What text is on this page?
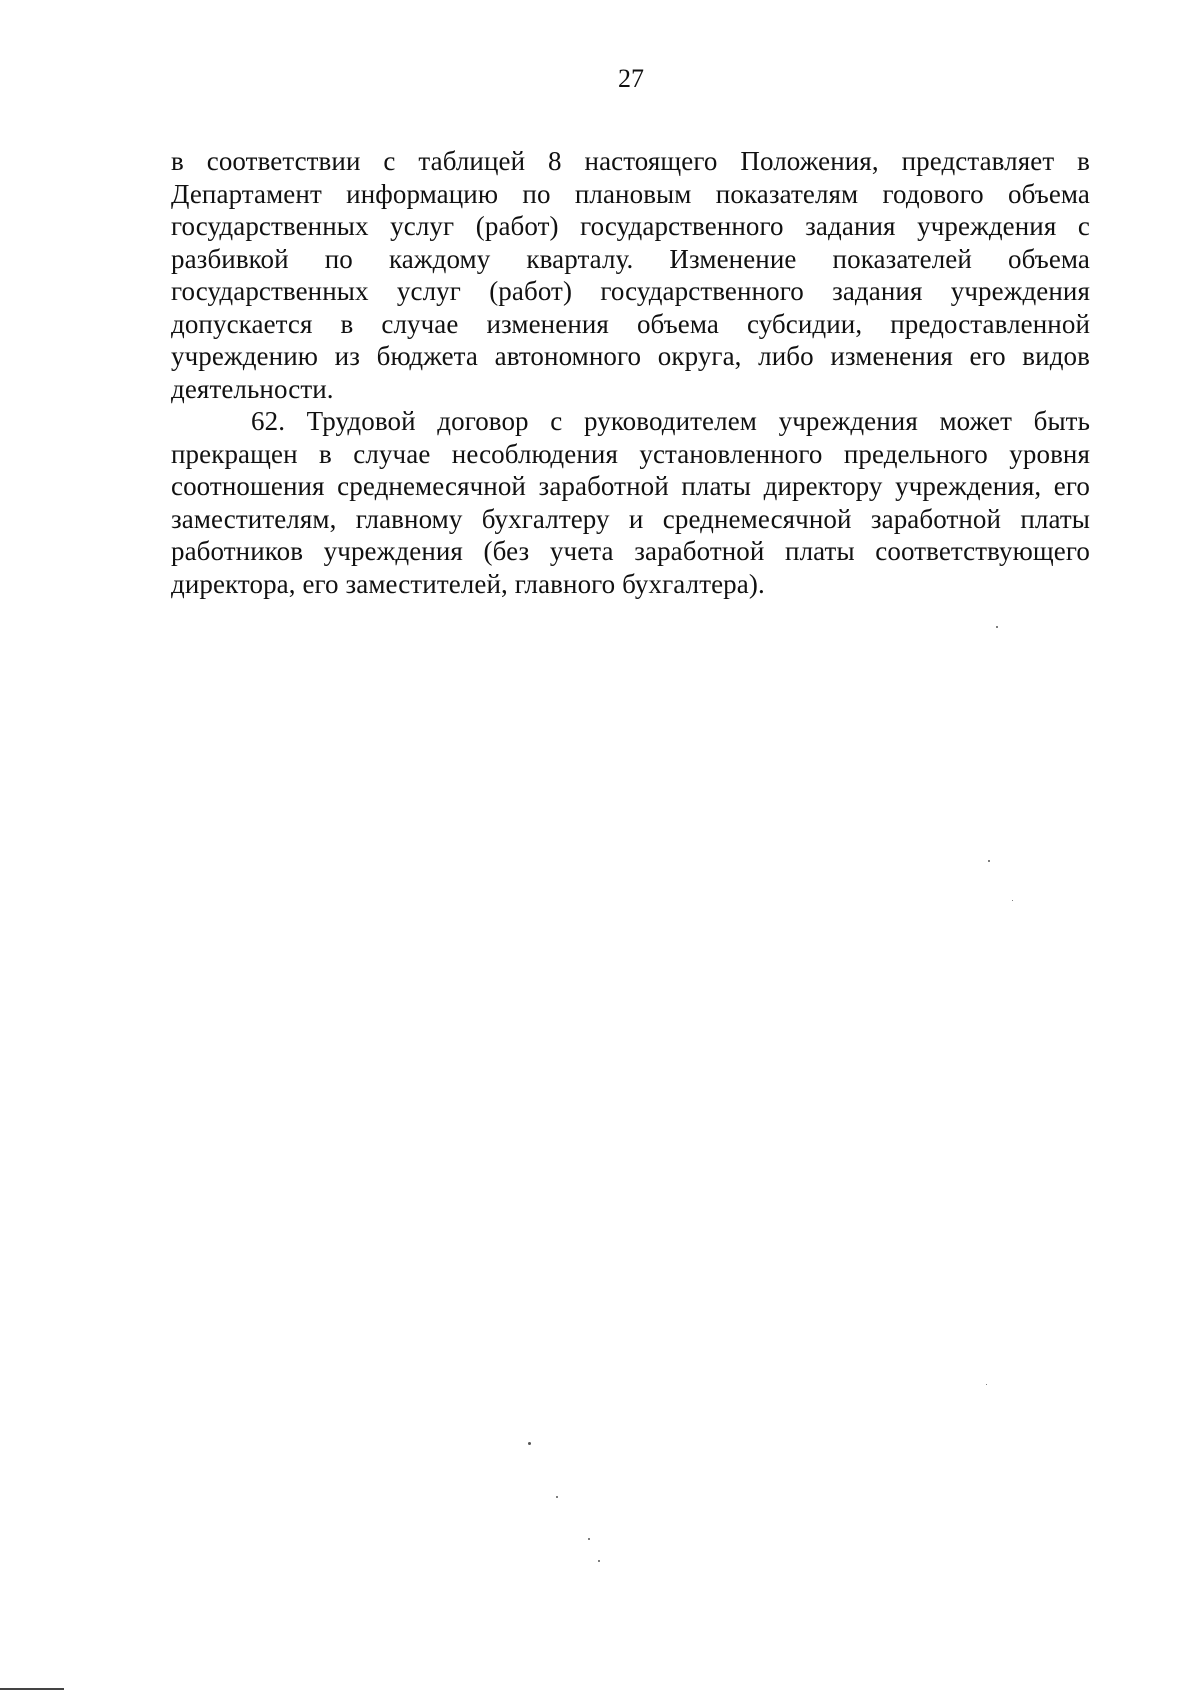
27

в соответствии с таблицей 8 настоящего Положения, представляет в Департамент информацию по плановым показателям годового объема государственных услуг (работ) государственного задания учреждения с разбивкой по каждому кварталу. Изменение показателей объема государственных услуг (работ) государственного задания учреждения допускается в случае изменения объема субсидии, предоставленной учреждению из бюджета автономного округа, либо изменения его видов деятельности.

62. Трудовой договор с руководителем учреждения может быть прекращен в случае несоблюдения установленного предельного уровня соотношения среднемесячной заработной платы директору учреждения, его заместителям, главному бухгалтеру и среднемесячной заработной платы работников учреждения (без учета заработной платы соответствующего директора, его заместителей, главного бухгалтера).
